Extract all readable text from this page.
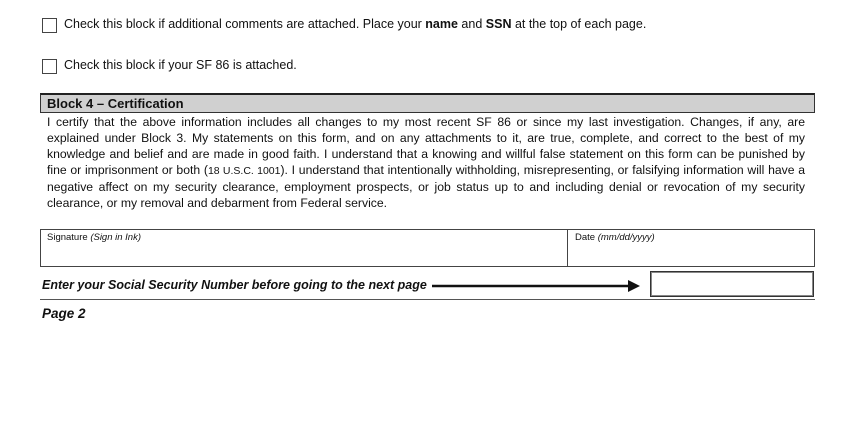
Check this block if additional comments are attached. Place your name and SSN at the top of each page.
Check this block if your SF 86 is attached.
Block 4 – Certification
I certify that the above information includes all changes to my most recent SF 86 or since my last investigation. Changes, if any, are explained under Block 3. My statements on this form, and on any attachments to it, are true, complete, and correct to the best of my knowledge and belief and are made in good faith. I understand that a knowing and willful false statement on this form can be punished by fine or imprisonment or both (18 U.S.C. 1001). I understand that intentionally withholding, misrepresenting, or falsifying information will have a negative affect on my security clearance, employment prospects, or job status up to and including denial or revocation of my security clearance, or my removal and debarment from Federal service.
Signature (Sign in Ink)	Date (mm/dd/yyyy)
Enter your Social Security Number before going to the next page
Page 2
